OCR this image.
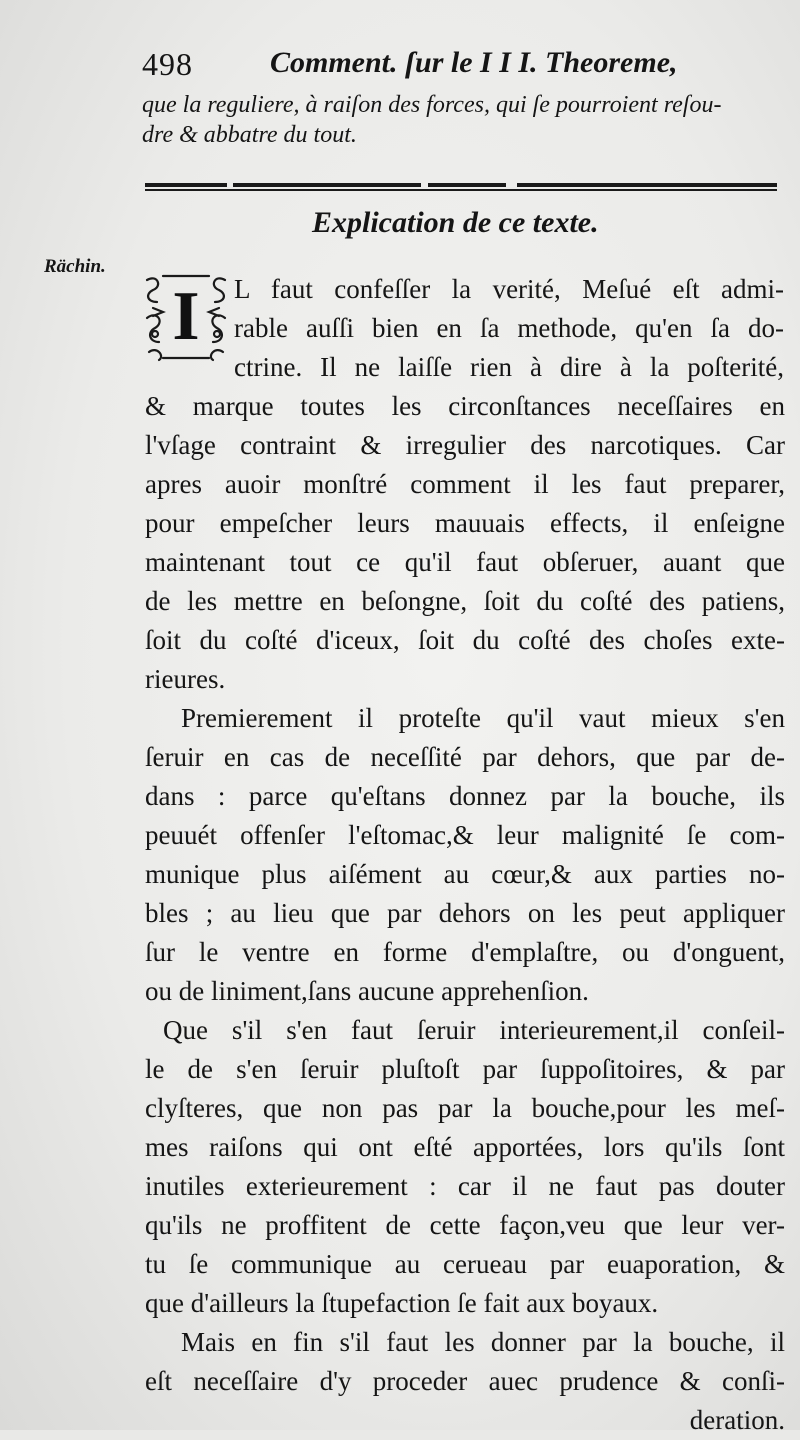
498	Comment. ſur le I I I. Theoreme,
que la reguliere, à raiſon des forces, qui ſe pourroient reſou-
dre & abbatre du tout.
Explication de ce texte.
Rächin.
I L faut confeſſer la verité, Meſué eſt admi-
rable auſſi bien en ſa methode, qu'en ſa do-
ctrine. Il ne laiſſe rien à dire à la poſterité,
& marque toutes les circonſtances neceſſaires en
l'vſage contraint & irregulier des narcotiques. Car
apres auoir monſtré comment il les faut preparer,
pour empeſcher leurs mauuais effects, il enſeigne
maintenant tout ce qu'il faut obſeruer, auant que
de les mettre en beſongne, ſoit du coſté des patiens,
ſoit du coſté d'iceux, ſoit du coſté des choſes exte-
rieures.
Premierement il proteſte qu'il vaut mieux s'en
ſeruir en cas de neceſſité par dehors, que par de-
dans : parce qu'eſtans donnez par la bouche, ils
peuuét offenſer l'eſtomac,& leur malignité ſe com-
munique plus aiſément au cœur,& aux parties no-
bles ; au lieu que par dehors on les peut appliquer
ſur le ventre en forme d'emplaſtre, ou d'onguent,
ou de liniment,ſans aucune apprehenſion.
Que s'il s'en faut ſeruir interieurement,il conſeil-
le de s'en ſeruir pluſtoſt par ſuppoſitoires, & par
clyſteres, que non pas par la bouche,pour les meſ-
mes raiſons qui ont eſté apportées, lors qu'ils ſont
inutiles exterieurement : car il ne faut pas douter
qu'ils ne proffitent de cette façon,veu que leur ver-
tu ſe communique au cerueau par euaporation, &
que d'ailleurs la ſtupefaction ſe fait aux boyaux.
Mais en fin s'il faut les donner par la bouche, il
eſt neceſſaire d'y proceder auec prudence & conſi-
deration.
